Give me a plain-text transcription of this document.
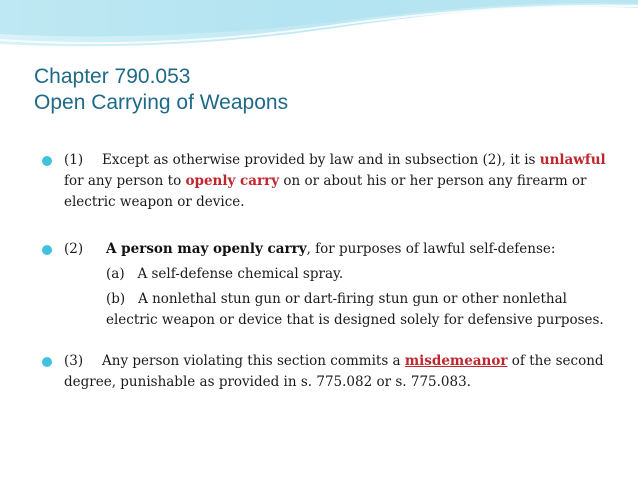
Chapter 790.053
Open Carrying of Weapons
(1) Except as otherwise provided by law and in subsection (2), it is unlawful for any person to openly carry on or about his or her person any firearm or electric weapon or device.
(2) A person may openly carry, for purposes of lawful self-defense:
(a) A self-defense chemical spray.
(b) A nonlethal stun gun or dart-firing stun gun or other nonlethal electric weapon or device that is designed solely for defensive purposes.
(3) Any person violating this section commits a misdemeanor of the second degree, punishable as provided in s. 775.082 or s. 775.083.
